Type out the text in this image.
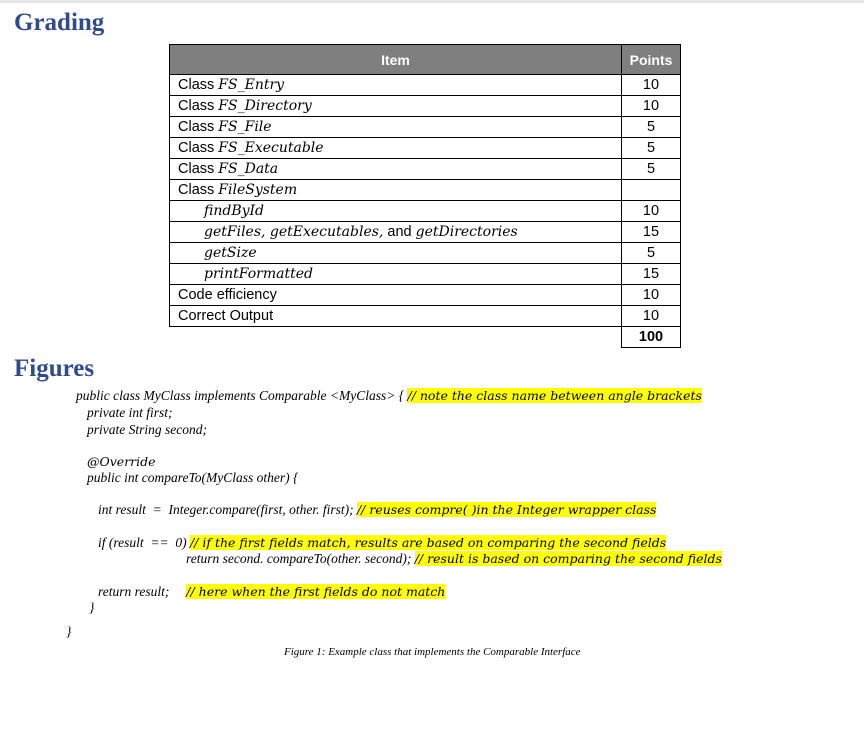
Grading
Item	Points
Class FS_Entry	10
Class FS_Directory	10
Class FS_File	5
Class FS_Executable	5
Class FS_Data	5
Class FileSystem	
findById	10
getFiles, getExecutables, and getDirectories	15
getSize	5
printFormatted	15
Code efficiency	10
Correct Output	10
	100
Figures
public class MyClass implements Comparable <MyClass> { // note the class name between angle brackets
private int first;
private String second;
@Override
public int compareTo(MyClass other) {
int result  =  Integer.compare(first, other. first); // reuses compre( )in the Integer wrapper class
if (result  ==  0) // if the first fields match, results are based on comparing the second fields
return second. compareTo(other. second); // result is based on comparing the second fields
return result;     // here when the first fields do not match
}
}
Figure 1: Example class that implements the Comparable Interface
